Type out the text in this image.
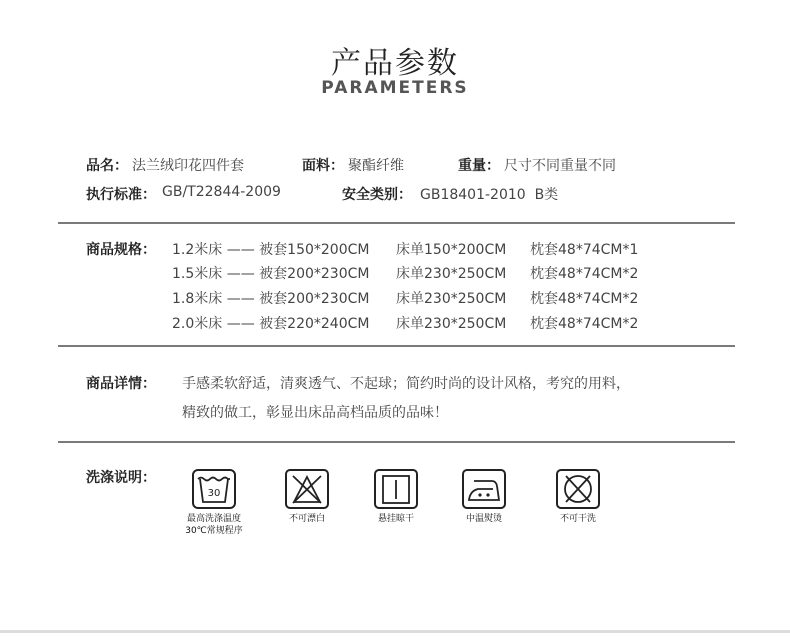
产品参数
PARAMETERS
品名： 法兰绒印花四件套	面料： 聚酯纤维	重量： 尺寸不同重量不同
执行标准： GB/T22844-2009	安全类别： GB18401-2010  B类
商品规格： 1.2米床 —— 被套150*200CM 床单150*200CM 枕套48*74CM*1
1.5米床 —— 被套200*230CM 床单230*250CM 枕套48*74CM*2
1.8米床 —— 被套200*230CM 床单230*250CM 枕套48*74CM*2
2.0米床 —— 被套220*240CM 床单230*250CM 枕套48*74CM*2
商品详情： 手感柔软舒适，清爽透气、不起球；简约时尚的设计风格，考究的用料，
精致的做工，彰显出床品高档品质的品味！
洗涤说明：
30
最高洗涤温度
30℃常规程序
不可漂白	悬挂晾干	中温熨烫	不可干洗
